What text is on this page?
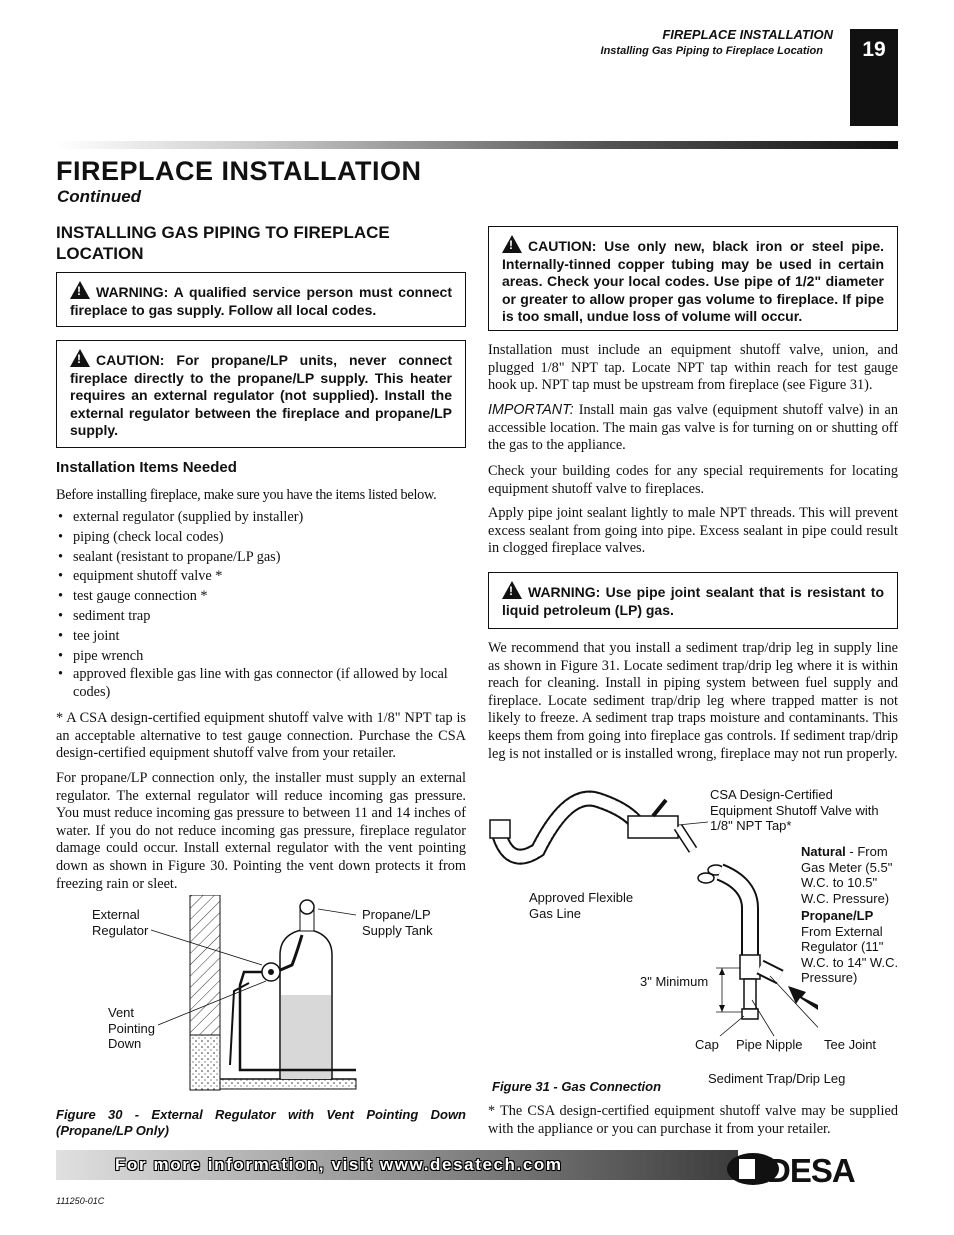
FIREPLACE INSTALLATION
Installing Gas Piping to Fireplace Location	19
FIREPLACE INSTALLATION
Continued
INSTALLING GAS PIPING TO FIREPLACE LOCATION
!WARNING: A qualified service person must connect fireplace to gas supply. Follow all local codes.
!CAUTION: For propane/LP units, never connect fireplace directly to the propane/LP supply. This heater requires an external regulator (not supplied). Install the external regulator between the fireplace and propane/LP supply.
Installation Items Needed

Before installing fireplace, make sure you have the items listed below.

• external regulator (supplied by installer)
• piping (check local codes)
• sealant (resistant to propane/LP gas)
• equipment shutoff valve *
• test gauge connection *
• sediment trap
• tee joint
• pipe wrench
• approved flexible gas line with gas connector (if allowed by local codes)

* A CSA design-certified equipment shutoff valve with 1/8" NPT tap is an acceptable alternative to test gauge connection. Purchase the CSA design-certified equipment shutoff valve from your retailer.

For propane/LP connection only, the installer must supply an external regulator. The external regulator will reduce incoming gas pressure. You must reduce incoming gas pressure to between 11 and 14 inches of water. If you do not reduce incoming gas pressure, fireplace regulator damage could occur. Install external regulator with the vent pointing down as shown in Figure 30. Pointing the vent down protects it from freezing rain or sleet.

External Regulator
Propane/LP Supply Tank
Vent Pointing Down
Figure 30 - External Regulator with Vent Pointing Down (Propane/LP Only)
!CAUTION: Use only new, black iron or steel pipe. Internally-tinned copper tubing may be used in certain areas. Check your local codes. Use pipe of 1/2" diameter or greater to allow proper gas volume to fireplace. If pipe is too small, undue loss of volume will occur.

Installation must include an equipment shutoff valve, union, and plugged 1/8" NPT tap. Locate NPT tap within reach for test gauge hook up. NPT tap must be upstream from fireplace (see Figure 31).

IMPORTANT: Install main gas valve (equipment shutoff valve) in an accessible location. The main gas valve is for turning on or shutting off the gas to the appliance.

Check your building codes for any special requirements for locating equipment shutoff valve to fireplaces.

Apply pipe joint sealant lightly to male NPT threads. This will prevent excess sealant from going into pipe. Excess sealant in pipe could result in clogged fireplace valves.

!WARNING: Use pipe joint sealant that is resistant to liquid petroleum (LP) gas.

We recommend that you install a sediment trap/drip leg in supply line as shown in Figure 31. Locate sediment trap/drip leg where it is within reach for cleaning. Install in piping system between fuel supply and fireplace. Locate sediment trap/drip leg where trapped matter is not likely to freeze. A sediment trap traps moisture and contaminants. This keeps them from going into fireplace gas controls. If sediment trap/drip leg is not installed or is installed wrong, fireplace may not run properly.

CSA Design-Certified Equipment Shutoff Valve with 1/8" NPT Tap*
Natural - From Gas Meter (5.5" W.C. to 10.5" W.C. Pressure)
Propane/LP
From External Regulator (11" W.C. to 14" W.C. Pressure)
Approved Flexible Gas Line
3" Minimum
Cap Pipe Nipple Tee Joint
Sediment Trap/Drip Leg
Figure 31 - Gas Connection

* The CSA design-certified equipment shutoff valve may be supplied with the appliance or you can purchase it from your retailer.

For more information, visit www.desatech.com	DESA
111250-01C
